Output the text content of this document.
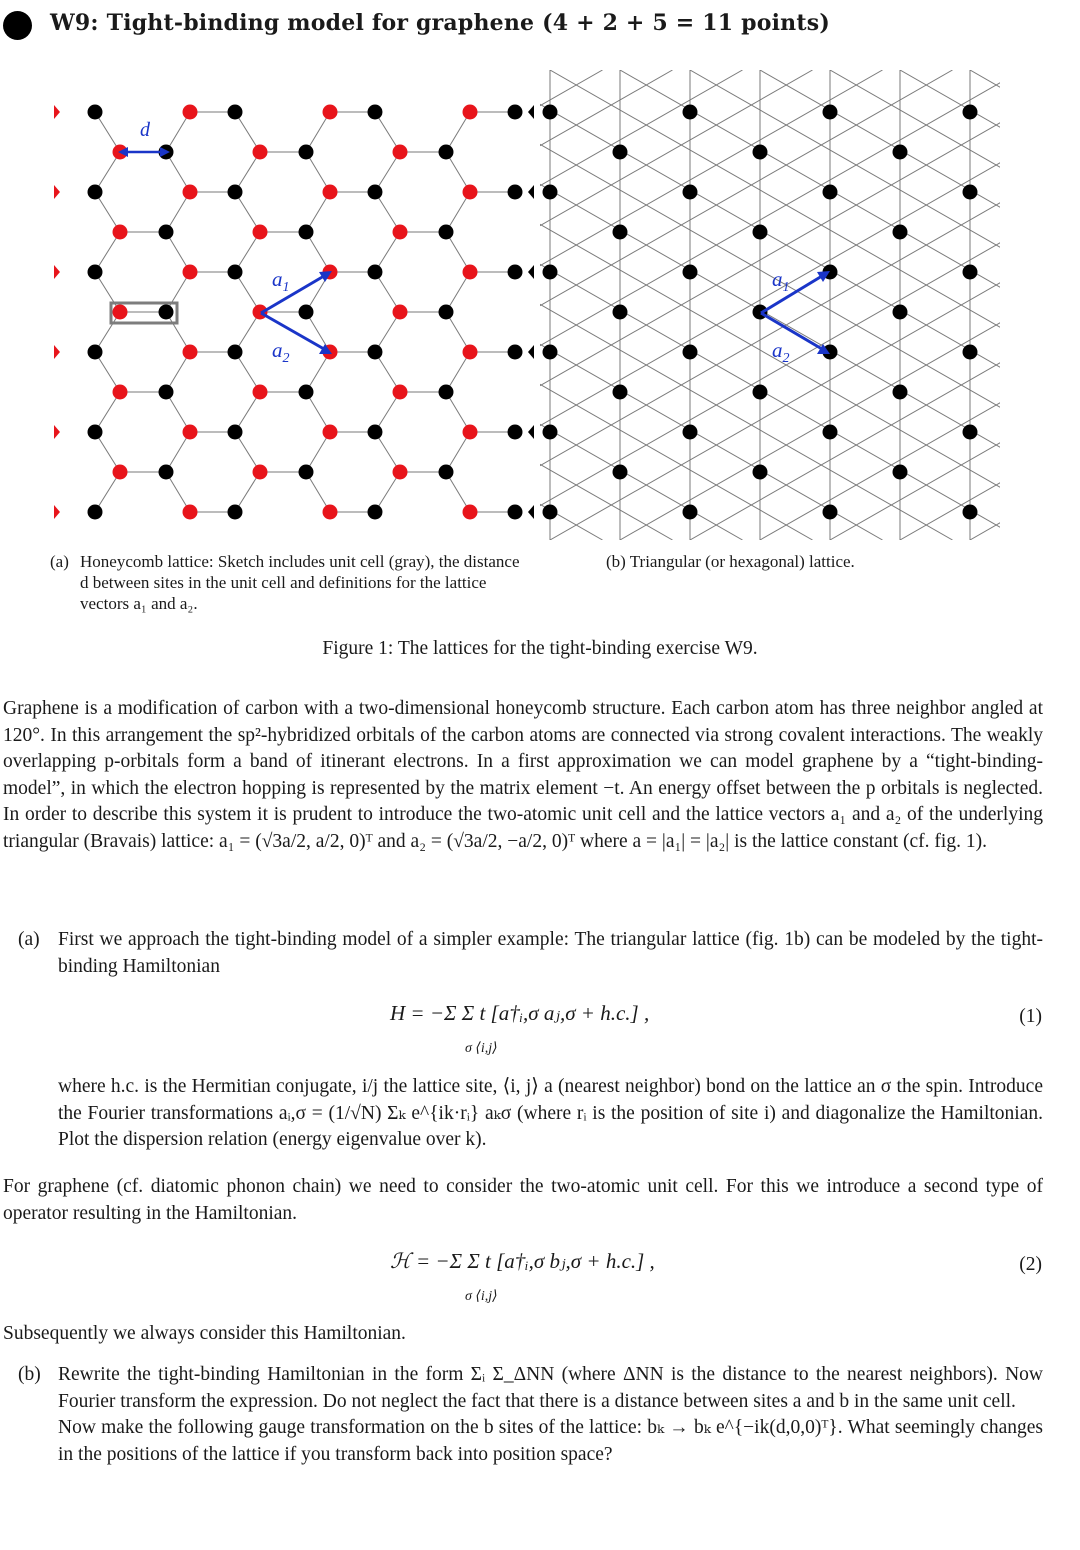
W9: Tight-binding model for graphene (4 + 2 + 5 = 11 points)
d
$a_1$
$a_2$
$a_1$
$a_2$
(a) Honeycomb lattice: Sketch includes unit cell (gray), the distance d between sites in the unit cell and definitions for the lattice vectors a₁ and a₂.
(b) Triangular (or hexagonal) lattice.
Figure 1: The lattices for the tight-binding exercise W9.
Graphene is a modification of carbon with a two-dimensional honeycomb structure. Each carbon atom has three neighbor angled at 120°. In this arrangement the sp²-hybridized orbitals of the carbon atoms are connected via strong covalent interactions. The weakly overlapping p-orbitals form a band of itinerant electrons. In a first approximation we can model graphene by a “tight-binding-model”, in which the electron hopping is represented by the matrix element −t. An energy offset between the p orbitals is neglected. In order to describe this system it is prudent to introduce the two-atomic unit cell and the lattice vectors a₁ and a₂ of the underlying triangular (Bravais) lattice: a₁ = (√3a/2, a/2, 0)ᵀ and a₂ = (√3a/2, −a/2, 0)ᵀ where a = |a₁| = |a₂| is the lattice constant (cf. fig. 1).
(a) First we approach the tight-binding model of a simpler example: The triangular lattice (fig. 1b) can be modeled by the tight-binding Hamiltonian
H = −Σ Σ t [a†ᵢ,σ aⱼ,σ + h.c.] ,
σ ⟨i,j⟩
(1)
where h.c. is the Hermitian conjugate, i/j the lattice site, ⟨i, j⟩ a (nearest neighbor) bond on the lattice an σ the spin. Introduce the Fourier transformations aᵢ,σ = (1/√N) Σₖ e^{ik·rᵢ} aₖσ (where rᵢ is the position of site i) and diagonalize the Hamiltonian. Plot the dispersion relation (energy eigenvalue over k).
For graphene (cf. diatomic phonon chain) we need to consider the two-atomic unit cell. For this we introduce a second type of operator resulting in the Hamiltonian.
ℋ = −Σ Σ t [a†ᵢ,σ bⱼ,σ + h.c.] ,
σ ⟨i,j⟩
(2)
Subsequently we always consider this Hamiltonian.
(b) Rewrite the tight-binding Hamiltonian in the form Σᵢ Σ_ΔNN (where ΔNN is the distance to the nearest neighbors). Now Fourier transform the expression. Do not neglect the fact that there is a distance between sites a and b in the same unit cell.
Now make the following gauge transformation on the b sites of the lattice: bₖ → bₖ e^{−ik(d,0,0)ᵀ}. What seemingly changes in the positions of the lattice if you transform back into position space?
